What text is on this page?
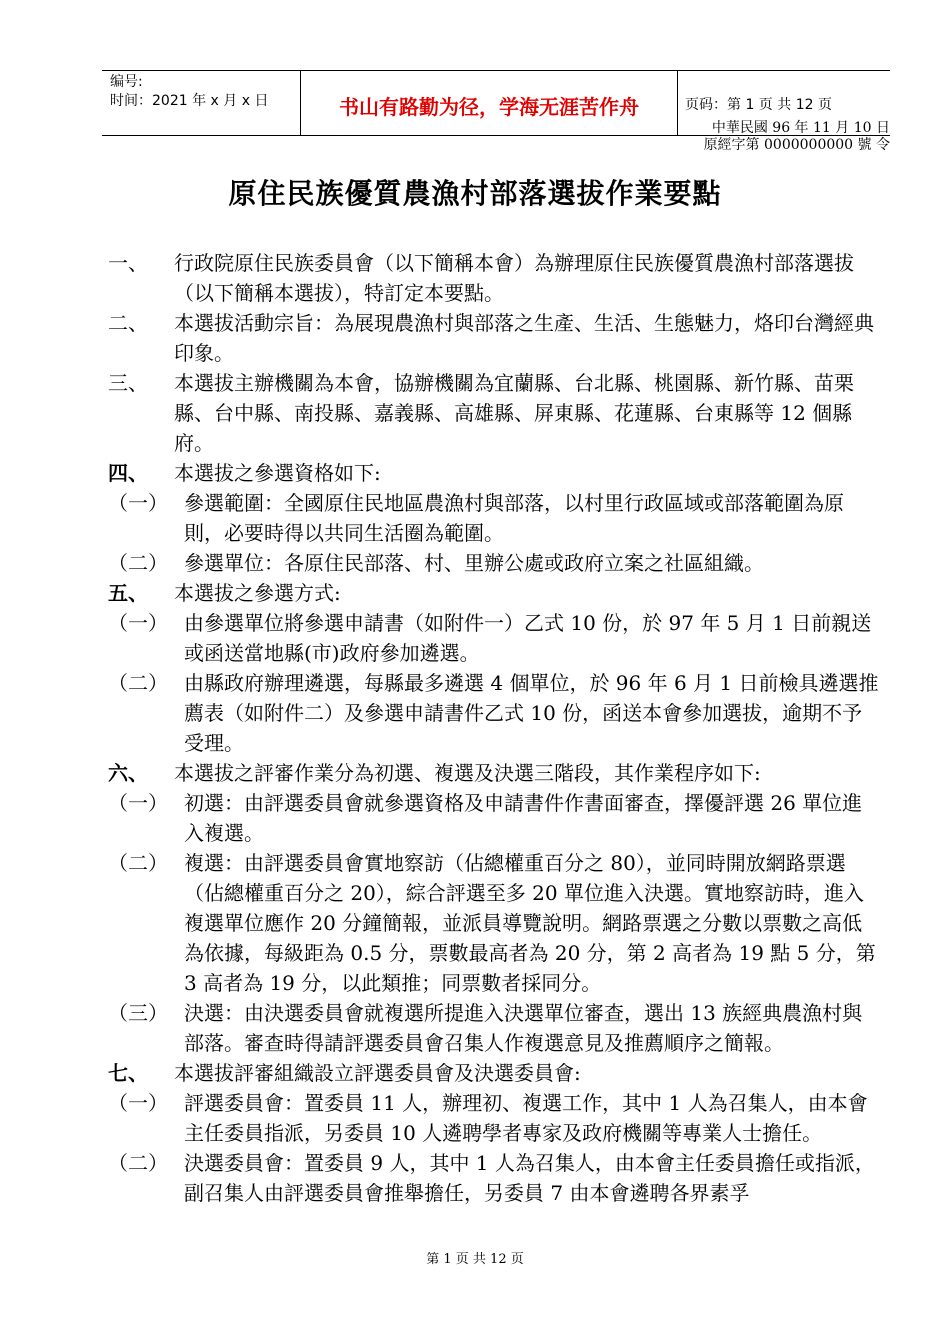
编号:
时间：2021 年 x 月 x 日	书山有路勤为径，学海无涯苦作舟	页码：第 1 页 共 12 页
中華民國 96 年 11 月 10 日
原經字第 0000000000 號 令
原住民族優質農漁村部落選拔作業要點
一、	行政院原住民族委員會（以下簡稱本會）為辦理原住民族優質農漁村部落選拔（以下簡稱本選拔），特訂定本要點。
二、	本選拔活動宗旨：為展現農漁村與部落之生產、生活、生態魅力，烙印台灣經典印象。
三、	本選拔主辦機關為本會，協辦機關為宜蘭縣、台北縣、桃園縣、新竹縣、苗栗縣、台中縣、南投縣、嘉義縣、高雄縣、屏東縣、花蓮縣、台東縣等 12 個縣府。
四、	本選拔之參選資格如下:
（一） 參選範圍：全國原住民地區農漁村與部落，以村里行政區域或部落範圍為原則，必要時得以共同生活圈為範圍。
（二） 參選單位：各原住民部落、村、里辦公處或政府立案之社區組織。
五、	本選拔之參選方式:
（一） 由參選單位將參選申請書（如附件一）乙式 10 份，於 97 年 5 月 1 日前親送或函送當地縣(市)政府參加遴選。
（二） 由縣政府辦理遴選，每縣最多遴選 4 個單位，於 96 年 6 月 1 日前檢具遴選推薦表（如附件二）及參選申請書件乙式 10 份，函送本會參加選拔，逾期不予受理。
六、	本選拔之評審作業分為初選、複選及決選三階段，其作業程序如下:
（一） 初選：由評選委員會就參選資格及申請書件作書面審查，擇優評選 26 單位進入複選。
（二） 複選：由評選委員會實地察訪（佔總權重百分之 80），並同時開放網路票選（佔總權重百分之 20），綜合評選至多 20 單位進入決選。實地察訪時，進入複選單位應作 20 分鐘簡報，並派員導覽說明。網路票選之分數以票數之高低為依據，每級距為 0.5 分，票數最高者為 20 分，第 2 高者為 19 點 5 分，第 3 高者為 19 分，以此類推；同票數者採同分。
（三） 決選：由決選委員會就複選所提進入決選單位審查，選出 13 族經典農漁村與部落。審查時得請評選委員會召集人作複選意見及推薦順序之簡報。
七、	本選拔評審組織設立評選委員會及決選委員會:
（一） 評選委員會：置委員 11 人，辦理初、複選工作，其中 1 人為召集人，由本會主任委員指派，另委員 10 人遴聘學者專家及政府機關等專業人士擔任。
（二） 決選委員會：置委員 9 人，其中 1 人為召集人，由本會主任委員擔任或指派，副召集人由評選委員會推舉擔任，另委員 7 由本會遴聘各界素孚
第 1 页 共 12 页
